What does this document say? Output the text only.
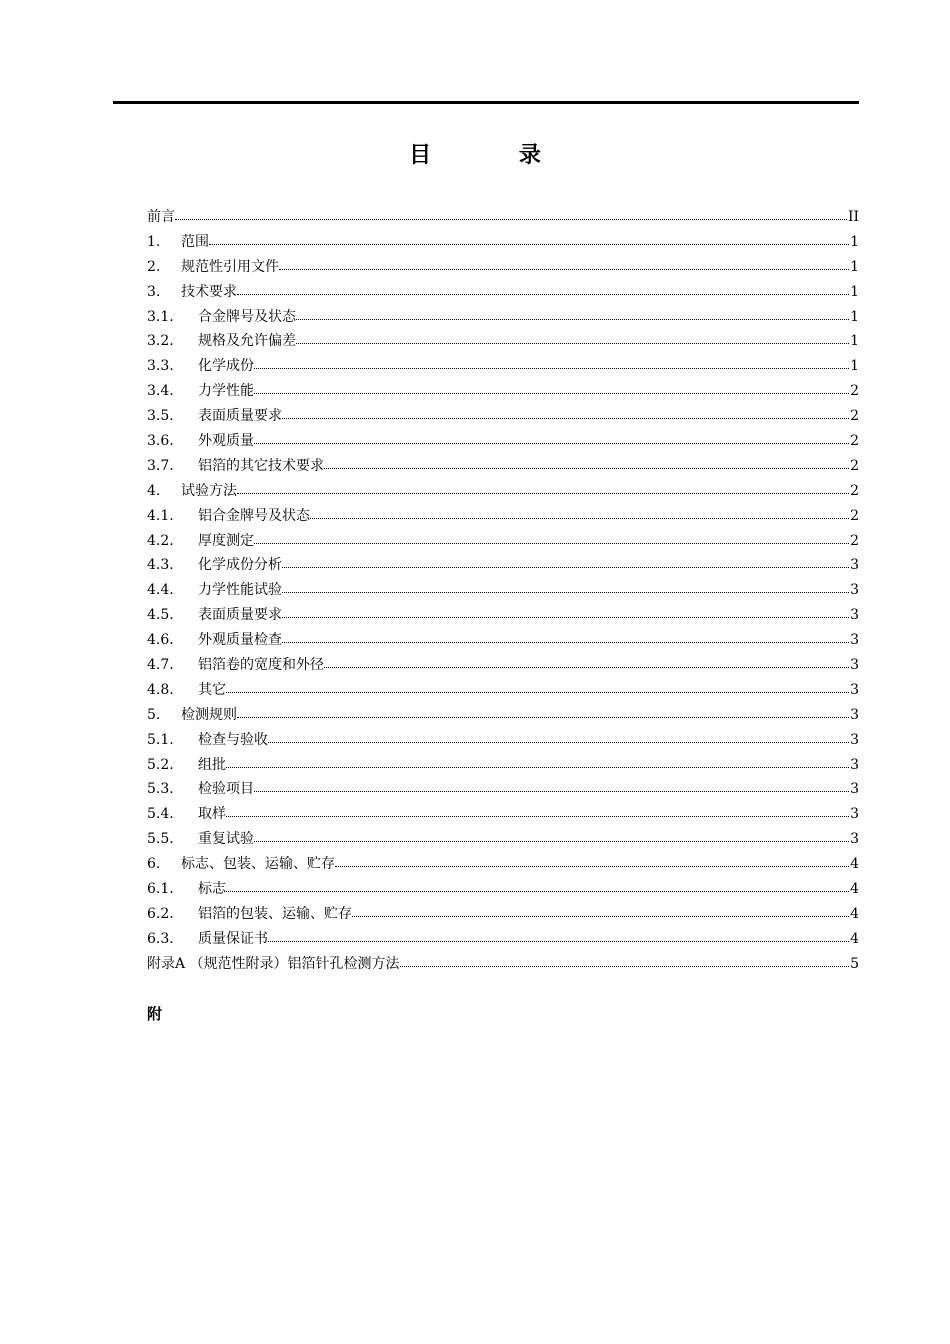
目 录
前言	II
1.	范围	1
2.	规范性引用文件	1
3.	技术要求	1
3.1.	合金牌号及状态	1
3.2.	规格及允许偏差	1
3.3.	化学成份	1
3.4.	力学性能	2
3.5.	表面质量要求	2
3.6.	外观质量	2
3.7.	铝箔的其它技术要求	2
4.	试验方法	2
4.1.	铝合金牌号及状态	2
4.2.	厚度测定	2
4.3.	化学成份分析	3
4.4.	力学性能试验	3
4.5.	表面质量要求	3
4.6.	外观质量检查	3
4.7.	铝箔卷的宽度和外径	3
4.8.	其它	3
5.	检测规则	3
5.1.	检查与验收	3
5.2.	组批	3
5.3.	检验项目	3
5.4.	取样	3
5.5.	重复试验	3
6.	标志、包装、运输、贮存	4
6.1.	标志	4
6.2.	铝箔的包装、运输、贮存	4
6.3.	质量保证书	4
附录A （规范性附录）铝箔针孔检测方法	5
附
